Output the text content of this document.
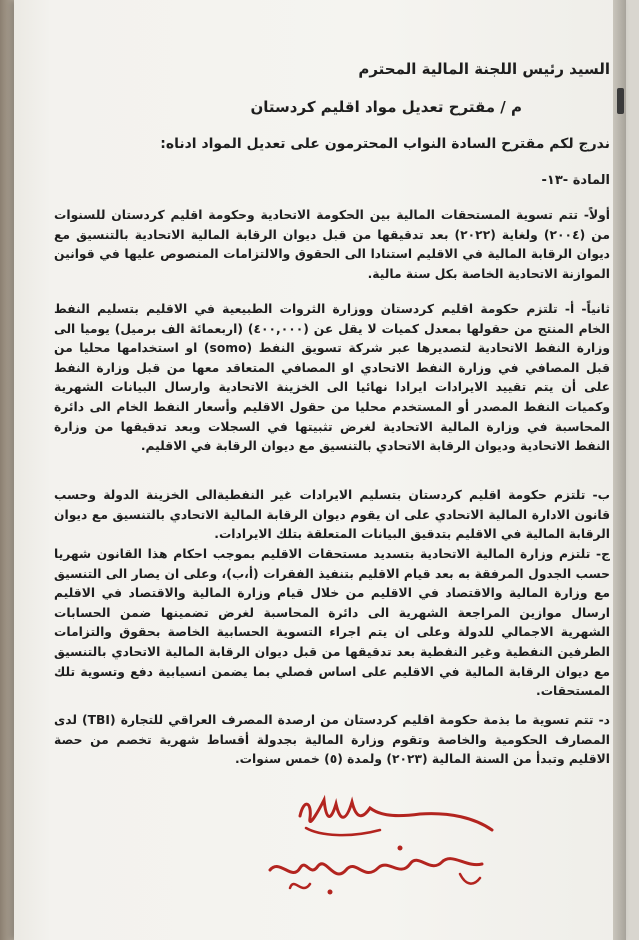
السيد رئيس اللجنة المالية المحترم
م / مقترح تعديل مواد اقليم كردستان
ندرج لكم مقترح السادة النواب المحترمون على تعديل المواد ادناه:
المادة -١٣-
أولاً- تتم تسوية المستحقات المالية بين الحكومة الاتحادية وحكومة اقليم كردستان للسنوات من (٢٠٠٤) ولغاية (٢٠٢٢) بعد تدقيقها من قبل ديوان الرقابة المالية الاتحادية بالتنسيق مع ديوان الرقابة المالية في الاقليم استنادا الى الحقوق والالتزامات المنصوص عليها في قوانين الموازنة الاتحادية الخاصة بكل سنة مالية.
ثانياً- أ- تلتزم حكومة اقليم كردستان ووزارة الثروات الطبيعية في الاقليم بتسليم النفط الخام المنتج من حقولها بمعدل كميات لا يقل عن (٤٠٠,٠٠٠) (اربعمائة الف برميل) يوميا الى وزارة النفط الاتحادية لتصديرها عبر شركة تسويق النفط (somo) او استخدامها محليا من قبل المصافي في وزارة النفط الاتحادي او المصافي المتعاقد معها من قبل وزارة النفط على أن يتم تقييد الايرادات ايرادا نهائيا الى الخزينة الاتحادية وارسال البيانات الشهرية وكميات النفط المصدر أو المستخدم محليا من حقول الاقليم وأسعار النفط الخام الى دائرة المحاسبة في وزارة المالية الاتحادية لغرض تثبيتها في السجلات وبعد تدقيقها من وزارة النفط الاتحادية وديوان الرقابة الاتحادي بالتنسيق مع ديوان الرقابة في الاقليم.
ب- تلتزم حكومة اقليم كردستان بتسليم الايرادات غير النفطيةالى الخزينة الدولة وحسب قانون الادارة المالية الاتحادي على ان يقوم ديوان الرقابة المالية الاتحادي بالتنسيق مع ديوان الرقابة المالية في الاقليم بتدقيق البيانات المتعلقة بتلك الايرادات.
ج- تلتزم وزارة المالية الاتحادية بتسديد مستحقات الاقليم بموجب احكام هذا القانون شهريا حسب الجدول المرفقة به بعد قيام الاقليم بتنفيذ الفقرات (أ،ب)، وعلى ان يصار الى التنسيق مع وزارة المالية والاقتصاد في الاقليم من خلال قيام وزارة المالية والاقتصاد في الاقليم ارسال موازين المراجعة الشهرية الى دائرة المحاسبة لغرض تضمينها ضمن الحسابات الشهرية الاجمالي للدولة وعلى ان يتم اجراء التسوية الحسابية الخاصة بحقوق والتزامات الطرفين النفطية وغير النفطية بعد تدقيقها من قبل ديوان الرقابة المالية الاتحادي بالتنسيق مع ديوان الرقابة المالية في الاقليم على اساس فصلي بما يضمن انسيابية دفع وتسوية تلك المستحقات.
د- تتم تسوية ما بذمة حكومة اقليم كردستان من ارصدة المصرف العراقي للتجارة (TBI) لدى المصارف الحكومية والخاصة وتقوم وزارة المالية بجدولة أقساط شهرية تخصم من حصة الاقليم وتبدأ من السنة المالية (٢٠٢٣) ولمدة (٥) خمس سنوات.
